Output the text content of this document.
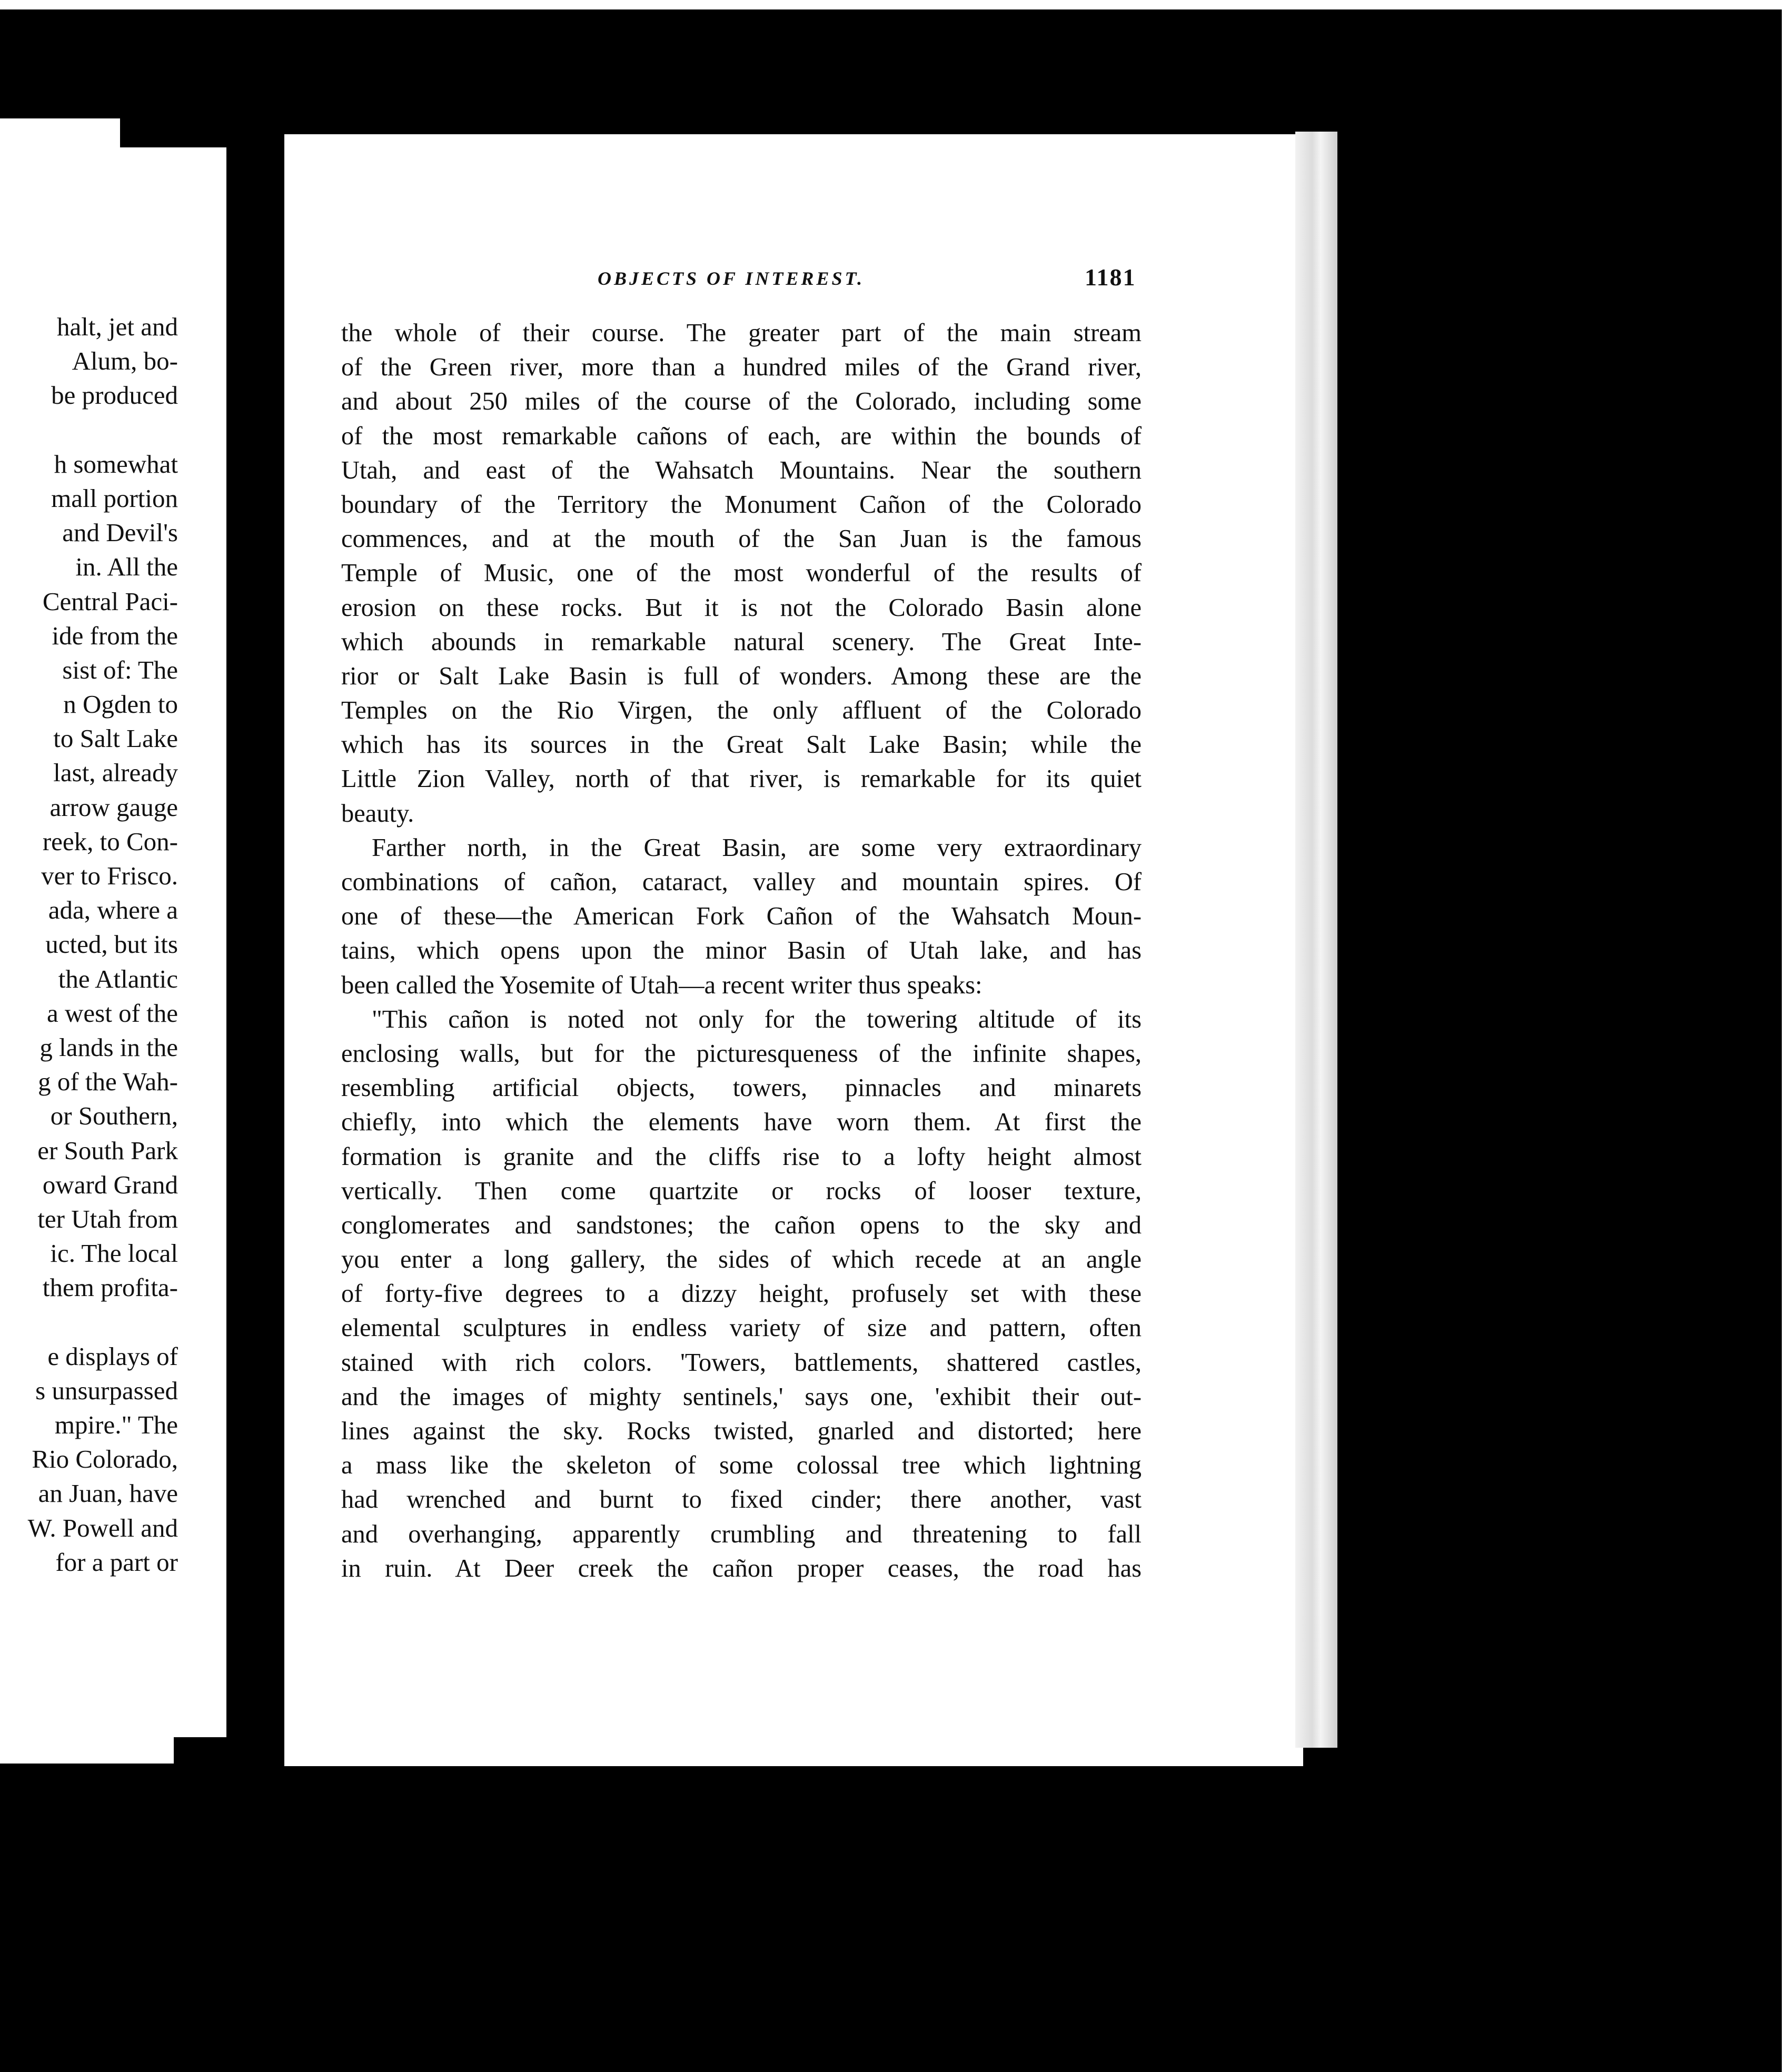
halt, jet and
Alum, bo-
be produced
h somewhat
mall portion
and Devil's
in. All the
Central Paci-
ide from the
sist of: The
n Ogden to
to Salt Lake
last, already
arrow gauge
reek, to Con-
ver to Frisco.
ada, where a
ucted, but its
the Atlantic
a west of the
g lands in the
g of the Wah-
or Southern,
er South Park
oward Grand
ter Utah from
ic. The local
them profita-
e displays of
s unsurpassed
mpire." The
Rio Colorado,
an Juan, have
W. Powell and
for a part or
OBJECTS OF INTEREST.	1181
the whole of their course. The greater part of the main stream
of the Green river, more than a hundred miles of the Grand river,
and about 250 miles of the course of the Colorado, including some
of the most remarkable cañons of each, are within the bounds of
Utah, and east of the Wahsatch Mountains. Near the southern
boundary of the Territory the Monument Cañon of the Colorado
commences, and at the mouth of the San Juan is the famous
Temple of Music, one of the most wonderful of the results of
erosion on these rocks. But it is not the Colorado Basin alone
which abounds in remarkable natural scenery. The Great Inte-
rior or Salt Lake Basin is full of wonders. Among these are the
Temples on the Rio Virgen, the only affluent of the Colorado
which has its sources in the Great Salt Lake Basin; while the
Little Zion Valley, north of that river, is remarkable for its quiet
beauty.
Farther north, in the Great Basin, are some very extraordinary
combinations of cañon, cataract, valley and mountain spires. Of
one of these—the American Fork Cañon of the Wahsatch Moun-
tains, which opens upon the minor Basin of Utah lake, and has
been called the Yosemite of Utah—a recent writer thus speaks:
"This cañon is noted not only for the towering altitude of its
enclosing walls, but for the picturesqueness of the infinite shapes,
resembling artificial objects, towers, pinnacles and minarets
chiefly, into which the elements have worn them. At first the
formation is granite and the cliffs rise to a lofty height almost
vertically. Then come quartzite or rocks of looser texture,
conglomerates and sandstones; the cañon opens to the sky and
you enter a long gallery, the sides of which recede at an angle
of forty-five degrees to a dizzy height, profusely set with these
elemental sculptures in endless variety of size and pattern, often
stained with rich colors. 'Towers, battlements, shattered castles,
and the images of mighty sentinels,' says one, 'exhibit their out-
lines against the sky. Rocks twisted, gnarled and distorted; here
a mass like the skeleton of some colossal tree which lightning
had wrenched and burnt to fixed cinder; there another, vast
and overhanging, apparently crumbling and threatening to fall
in ruin. At Deer creek the cañon proper ceases, the road has
